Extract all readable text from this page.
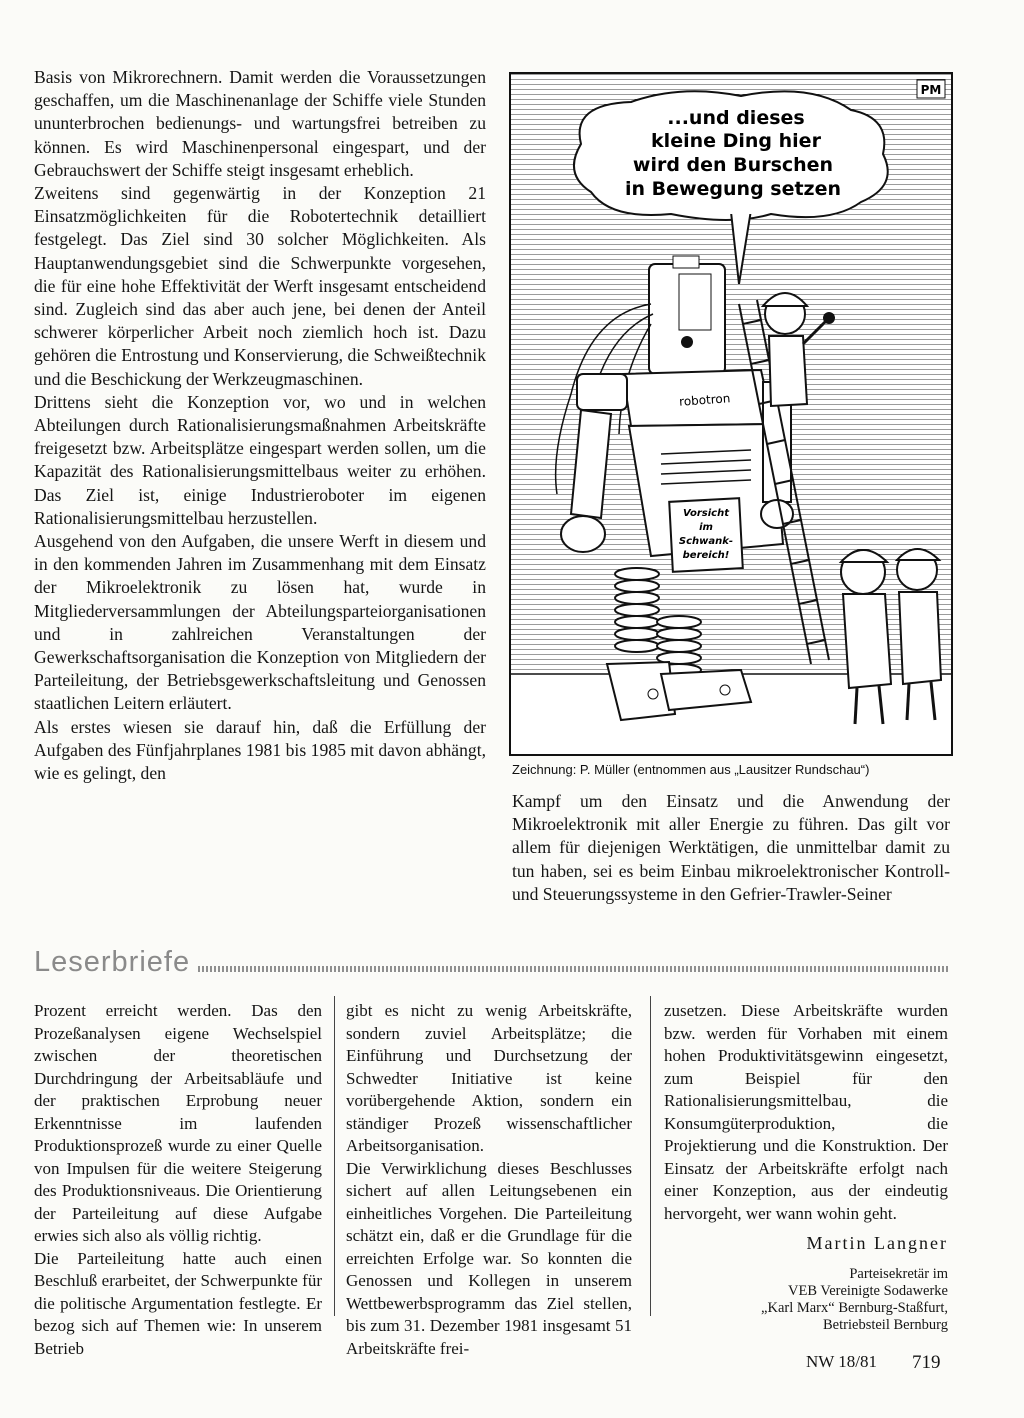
Basis von Mikrorechnern. Damit werden die Voraussetzungen geschaffen, um die Maschinenanlage der Schiffe viele Stunden ununterbrochen bedienungs- und wartungsfrei betreiben zu können. Es wird Maschinenpersonal eingespart, und der Gebrauchswert der Schiffe steigt insgesamt erheblich.

Zweitens sind gegenwärtig in der Konzeption 21 Einsatzmöglichkeiten für die Robotertechnik detailliert festgelegt. Das Ziel sind 30 solcher Möglichkeiten. Als Hauptanwendungsgebiet sind die Schwerpunkte vorgesehen, die für eine hohe Effektivität der Werft insgesamt entscheidend sind. Zugleich sind das aber auch jene, bei denen der Anteil schwerer körperlicher Arbeit noch ziemlich hoch ist. Dazu gehören die Entrostung und Konservierung, die Schweißtechnik und die Beschickung der Werkzeugmaschinen.

Drittens sieht die Konzeption vor, wo und in welchen Abteilungen durch Rationalisierungsmaßnahmen Arbeitskräfte freigesetzt bzw. Arbeitsplätze eingespart werden sollen, um die Kapazität des Rationalisierungsmittelbaus weiter zu erhöhen. Das Ziel ist, einige Industrieroboter im eigenen Rationalisierungsmittelbau herzustellen.

Ausgehend von den Aufgaben, die unsere Werft in diesem und in den kommenden Jahren im Zusammenhang mit dem Einsatz der Mikroelektronik zu lösen hat, wurde in Mitgliederversammlungen der Abteilungsparteiorganisationen und in zahlreichen Veranstaltungen der Gewerkschaftsorganisation die Konzeption von Mitgliedern der Parteileitung, der Betriebsgewerkschaftsleitung und Genossen staatlichen Leitern erläutert.

Als erstes wiesen sie darauf hin, daß die Erfüllung der Aufgaben des Fünfjahrplanes 1981 bis 1985 mit davon abhängt, wie es gelingt, den

...und dieses
kleine Ding hier
wird den Burschen
in Bewegung setzen
PM
robotron
Vorsicht
im
Schwank-
bereich!
Zeichnung: P. Müller (entnommen aus „Lausitzer Rundschau“)

Kampf um den Einsatz und die Anwendung der Mikroelektronik mit aller Energie zu führen. Das gilt vor allem für diejenigen Werktätigen, die unmittelbar damit zu tun haben, sei es beim Einbau mikroelektronischer Kontroll- und Steuerungssysteme in den Gefrier-Trawler-Seiner

Leserbriefe

Prozent erreicht werden. Das den Prozeßanalysen eigene Wechselspiel zwischen der theoretischen Durchdringung der Arbeitsabläufe und der praktischen Erprobung neuer Erkenntnisse im laufenden Produktionsprozeß wurde zu einer Quelle von Impulsen für die weitere Steigerung des Produktionsniveaus. Die Orientierung der Parteileitung auf diese Aufgabe erwies sich also als völlig richtig.

Die Parteileitung hatte auch einen Beschluß erarbeitet, der Schwerpunkte für die politische Argumentation festlegte. Er bezog sich auf Themen wie: In unserem Betrieb

gibt es nicht zu wenig Arbeitskräfte, sondern zuviel Arbeitsplätze; die Einführung und Durchsetzung der Schwedter Initiative ist keine vorübergehende Aktion, sondern ein ständiger Prozeß wissenschaftlicher Arbeitsorganisation.

Die Verwirklichung dieses Beschlusses sichert auf allen Leitungsebenen ein einheitliches Vorgehen. Die Parteileitung schätzt ein, daß er die Grundlage für die erreichten Erfolge war. So konnten die Genossen und Kollegen in unserem Wettbewerbsprogramm das Ziel stellen, bis zum 31. Dezember 1981 insgesamt 51 Arbeitskräfte frei-

zusetzen. Diese Arbeitskräfte wurden bzw. werden für Vorhaben mit einem hohen Produktivitätsgewinn eingesetzt, zum Beispiel für den Rationalisierungsmittelbau, die Konsumgüterproduktion, die Projektierung und die Konstruktion. Der Einsatz der Arbeitskräfte erfolgt nach einer Konzeption, aus der eindeutig hervorgeht, wer wann wohin geht.

Martin Langner
Parteisekretär im
VEB Vereinigte Sodawerke
„Karl Marx“ Bernburg-Staßfurt,
Betriebsteil Bernburg
NW 18/81 719
